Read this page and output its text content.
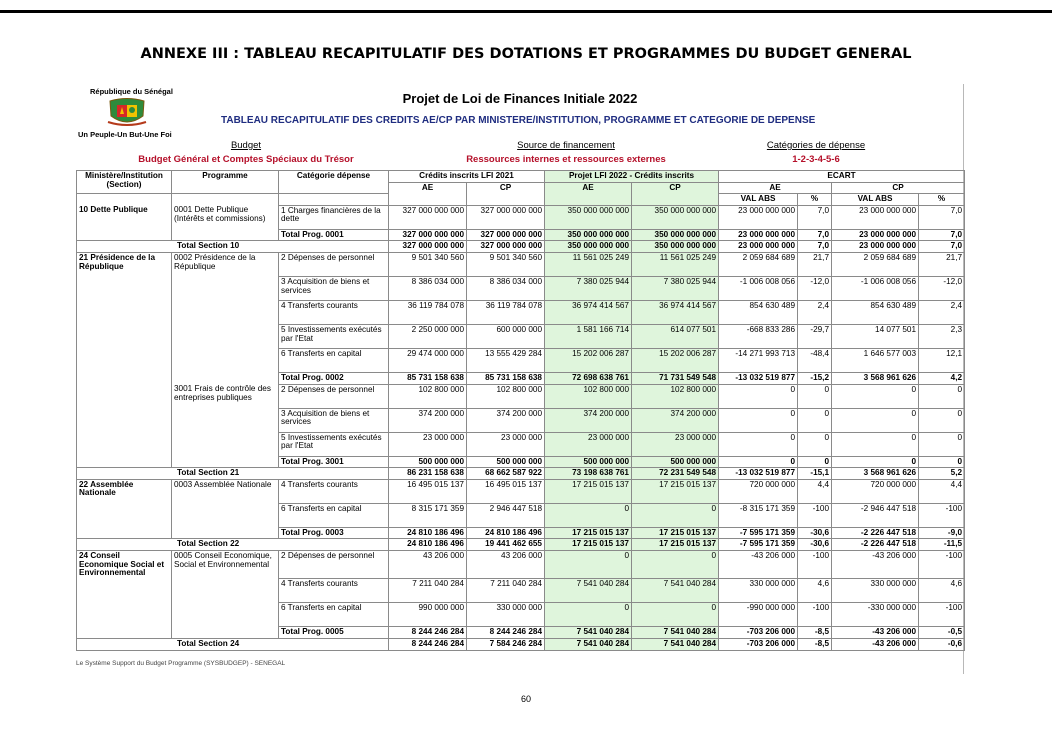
ANNEXE III : TABLEAU RECAPITULATIF DES DOTATIONS ET PROGRAMMES DU BUDGET GENERAL
République du Sénégal
Un Peuple-Un But-Une Foi
Projet de Loi de Finances Initiale 2022
TABLEAU RECAPITULATIF DES CREDITS AE/CP PAR MINISTERE/INSTITUTION, PROGRAMME ET CATEGORIE DE DEPENSE
Budget
Budget Général et Comptes Spéciaux du Trésor
Source de financement
Ressources internes et ressources externes
Catégories de dépense
1-2-3-4-5-6
Ministère/Institution (Section)	Programme	Catégorie dépense	Crédits inscrits LFI 2021		Projet LFI 2022 - Crédits inscrits		ECART			
			AE	CP	AE	CP	AE		CP	
							VAL ABS	%	VAL ABS	%
10 Dette Publique	0001 Dette Publique (Intérêts et commissions)	1 Charges financières de la dette	327 000 000 000	327 000 000 000	350 000 000 000	350 000 000 000	23 000 000 000	7,0	23 000 000 000	7,0
		Total Prog. 0001	327 000 000 000	327 000 000 000	350 000 000 000	350 000 000 000	23 000 000 000	7,0	23 000 000 000	7,0
Total Section 10			327 000 000 000	327 000 000 000	350 000 000 000	350 000 000 000	23 000 000 000	7,0	23 000 000 000	7,0
21 Présidence de la République	0002 Présidence de la République	2 Dépenses de personnel	9 501 340 560	9 501 340 560	11 561 025 249	11 561 025 249	2 059 684 689	21,7	2 059 684 689	21,7
		3 Acquisition de biens et services	8 386 034 000	8 386 034 000	7 380 025 944	7 380 025 944	-1 006 008 056	-12,0	-1 006 008 056	-12,0
		4 Transferts courants	36 119 784 078	36 119 784 078	36 974 414 567	36 974 414 567	854 630 489	2,4	854 630 489	2,4
		5 Investissements exécutés par l'Etat	2 250 000 000	600 000 000	1 581 166 714	614 077 501	-668 833 286	-29,7	14 077 501	2,3
		6 Transferts en capital	29 474 000 000	13 555 429 284	15 202 006 287	15 202 006 287	-14 271 993 713	-48,4	1 646 577 003	12,1
		Total Prog. 0002	85 731 158 638	85 731 158 638	72 698 638 761	71 731 549 548	-13 032 519 877	-15,2	3 568 961 626	4,2
	3001 Frais de contrôle des entreprises publiques	2 Dépenses de personnel	102 800 000	102 800 000	102 800 000	102 800 000	0	0	0	0
		3 Acquisition de biens et services	374 200 000	374 200 000	374 200 000	374 200 000	0	0	0	0
		5 Investissements exécutés par l'Etat	23 000 000	23 000 000	23 000 000	23 000 000	0	0	0	0
		Total Prog. 3001	500 000 000	500 000 000	500 000 000	500 000 000	0	0	0	0
Total Section 21			86 231 158 638	68 662 587 922	73 198 638 761	72 231 549 548	-13 032 519 877	-15,1	3 568 961 626	5,2
22 Assemblée Nationale	0003 Assemblée Nationale	4 Transferts courants	16 495 015 137	16 495 015 137	17 215 015 137	17 215 015 137	720 000 000	4,4	720 000 000	4,4
		6 Transferts en capital	8 315 171 359	2 946 447 518	0	0	-8 315 171 359	-100	-2 946 447 518	-100
		Total Prog. 0003	24 810 186 496	24 810 186 496	17 215 015 137	17 215 015 137	-7 595 171 359	-30,6	-2 226 447 518	-9,0
Total Section 22			24 810 186 496	19 441 462 655	17 215 015 137	17 215 015 137	-7 595 171 359	-30,6	-2 226 447 518	-11,5
24 Conseil Economique Social et Environnemental	0005 Conseil Economique, Social et Environnemental	2 Dépenses de personnel	43 206 000	43 206 000	0	0	-43 206 000	-100	-43 206 000	-100
		4 Transferts courants	7 211 040 284	7 211 040 284	7 541 040 284	7 541 040 284	330 000 000	4,6	330 000 000	4,6
		6 Transferts en capital	990 000 000	330 000 000	0	0	-990 000 000	-100	-330 000 000	-100
		Total Prog. 0005	8 244 246 284	8 244 246 284	7 541 040 284	7 541 040 284	-703 206 000	-8,5	-43 206 000	-0,5
Total Section 24			8 244 246 284	7 584 246 284	7 541 040 284	7 541 040 284	-703 206 000	-8,5	-43 206 000	-0,6
Le Système Support du Budget Programme (SYSBUDGEP) - SENEGAL
60
